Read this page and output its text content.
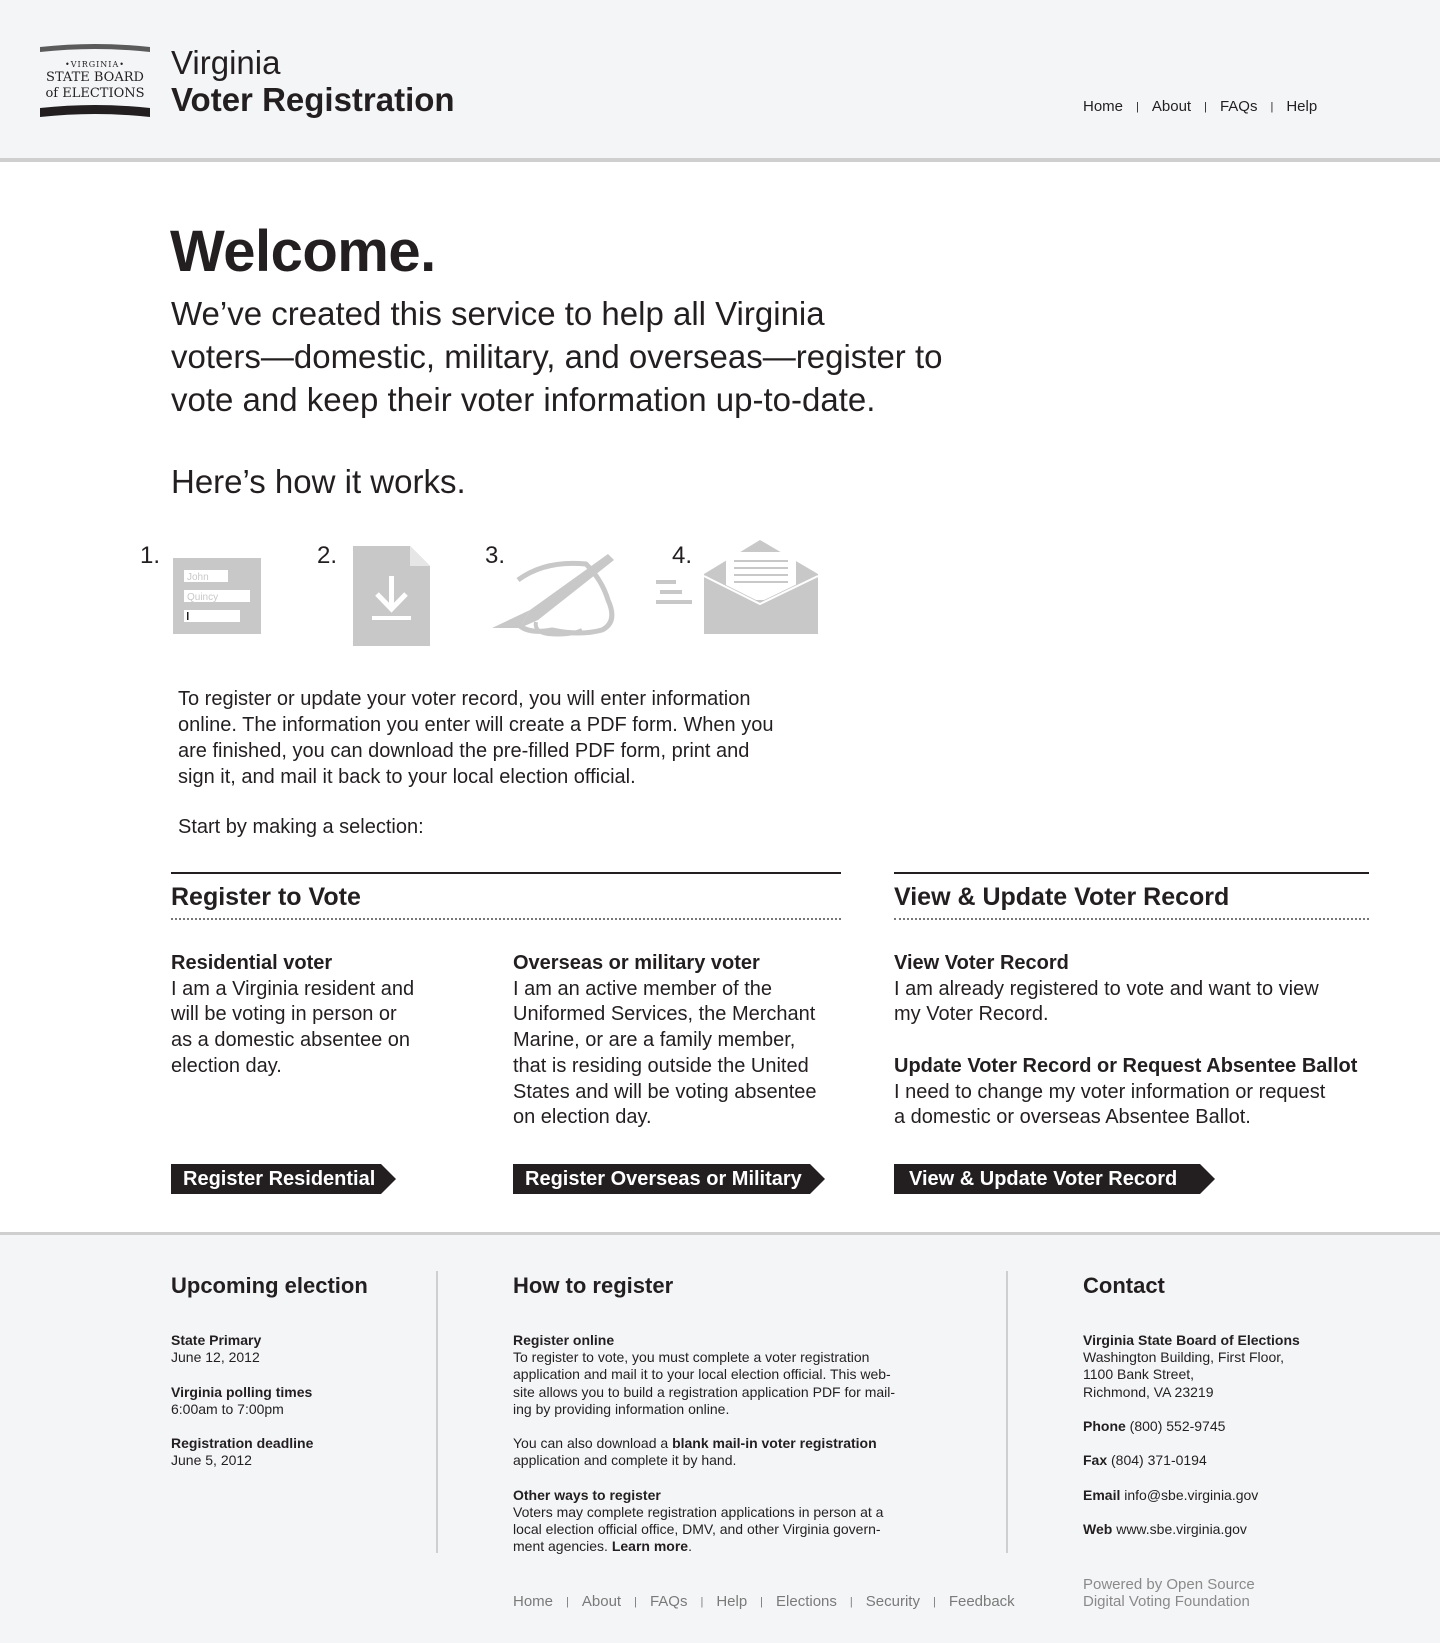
•VIRGINIA•
STATE BOARD
of ELECTIONS
Virginia
Voter Registration	Home | About | FAQs | Help
Welcome.
We’ve created this service to help all Virginia
voters—domestic, military, and overseas—register to
vote and keep their voter information up-to-date.
Here’s how it works.
1.
John
Quincy
2.	3.	4.
To register or update your voter record, you will enter information
online. The information you enter will create a PDF form. When you
are finished, you can download the pre-filled PDF form, print and
sign it, and mail it back to your local election official.
Start by making a selection:
Register to Vote
Residential voter
I am a Virginia resident and
will be voting in person or
as a domestic absentee on
election day.
Overseas or military voter
I am an active member of the
Uniformed Services, the Merchant
Marine, or are a family member,
that is residing outside the United
States and will be voting absentee
on election day.
Register Residential	Register Overseas or Military
View & Update Voter Record
View Voter Record
I am already registered to vote and want to view
my Voter Record.
Update Voter Record or Request Absentee Ballot
I need to change my voter information or request
a domestic or overseas Absentee Ballot.
View & Update Voter Record
Upcoming election

State Primary
June 12, 2012

Virginia polling times
6:00am to 7:00pm

Registration deadline
June 5, 2012

How to register

Register online
To register to vote, you must complete a voter registration
application and mail it to your local election official. This web-
site allows you to build a registration application PDF for mail-
ing by providing information online.

You can also download a blank mail-in voter registration
application and complete it by hand.

Other ways to register
Voters may complete registration applications in person at a
local election official office, DMV, and other Virginia govern-
ment agencies. Learn more.

Contact

Virginia State Board of Elections
Washington Building, First Floor,
1100 Bank Street,
Richmond, VA 23219

Phone (800) 552-9745

Fax (804) 371-0194

Email info@sbe.virginia.gov

Web www.sbe.virginia.gov

Home | About | FAQs | Help | Elections | Security | Feedback
Powered by Open Source
Digital Voting Foundation
